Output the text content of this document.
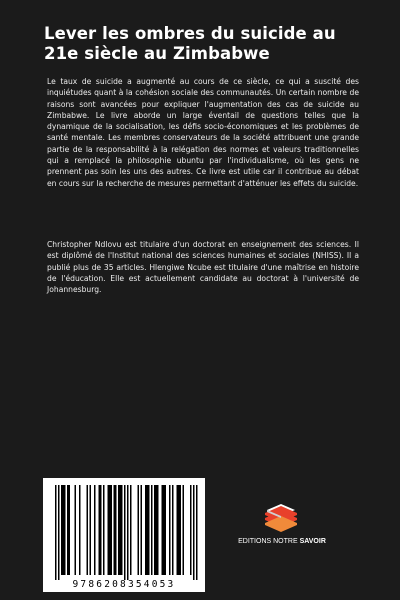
Lever les ombres du suicide au
21e siècle au Zimbabwe

Le taux de suicide a augmenté au cours de ce siècle, ce qui a suscité des inquiétudes quant à la cohésion sociale des communautés. Un certain nombre de raisons sont avancées pour expliquer l'augmentation des cas de suicide au Zimbabwe. Le livre aborde un large éventail de questions telles que la dynamique de la socialisation, les défis socio-économiques et les problèmes de santé mentale. Les membres conservateurs de la société attribuent une grande partie de la responsabilité à la relégation des normes et valeurs traditionnelles qui a remplacé la philosophie ubuntu par l'individualisme, où les gens ne prennent pas soin les uns des autres. Ce livre est utile car il contribue au débat en cours sur la recherche de mesures permettant d'atténuer les effets du suicide.

Christopher Ndlovu est titulaire d'un doctorat en enseignement des sciences. Il est diplômé de l'Institut national des sciences humaines et sociales (NHISS). Il a publié plus de 35 articles. Hlengiwe Ncube est titulaire d'une maîtrise en histoire de l'éducation. Elle est actuellement candidate au doctorat à l'université de Johannesburg.

9786208354053
EDITIONS NOTRE SAVOIR
